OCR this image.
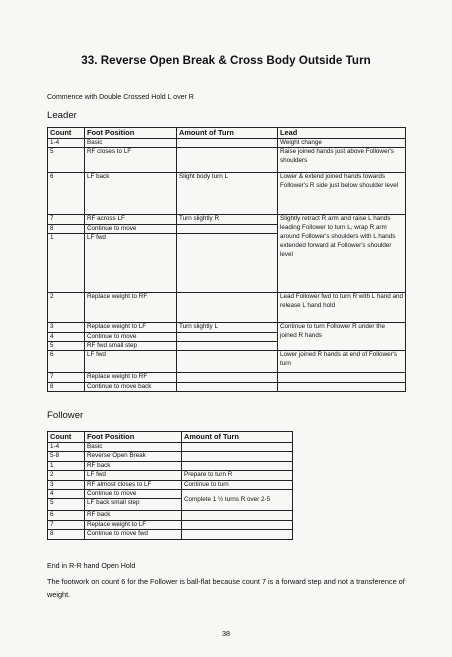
33. Reverse Open Break & Cross Body Outside Turn
Commence with Double Crossed Hold L over R
Leader
Count	Foot Position	Amount of Turn	Lead
1-4	Basic		Weight change
5	RF closes to LF		Raise joined hands just above Follower's shoulders
6	LF back	Slight body turn L	Lower & extend joined hands towards Follower's R side just below shoulder level
7	RF across LF	Turn slightly R	Slightly retract R arm and raise L hands leading Follower to turn L, wrap R arm around Follower's shoulders with L hands extended forward at Follower's shoulder level
8	Continue to move		
1	LF fwd		
2	Replace weight to RF		Lead Follower fwd to turn R with L hand and release L hand hold
3	Replace weight to LF	Turn slightly L	Continue to turn Follower R under the joined R hands
4	Continue to move		
5	RF fwd small step		
6	LF fwd		Lower joined R hands at end of Follower's turn
7	Replace weight to RF		
8	Continue to move back		
Follower
Count	Foot Position	Amount of Turn
1-4	Basic	
5-8	Reverse Open Break	
1	RF back	
2	LF fwd	Prepare to turn R
3	RF almost closes to LF	Continue to turn
4	Continue to move	Complete 1 ½ turns R over 2-5
5	LF back small step	
6	RF back	
7	Replace weight to LF	
8	Continue to move fwd	
End in R-R hand Open Hold
The footwork on count 6 for the Follower is ball-flat because count 7 is a forward step and not a transference of weight.
38
